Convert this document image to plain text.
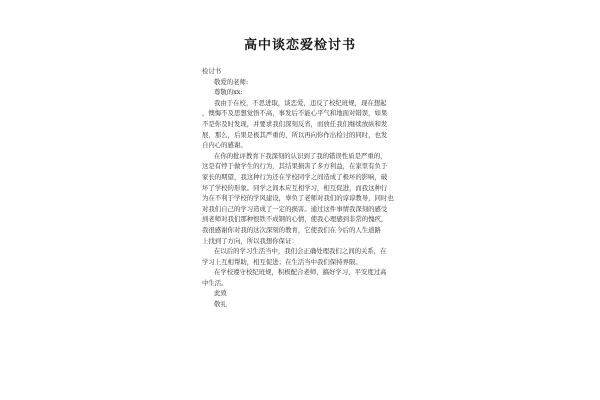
高中谈恋爱检讨书
检讨书
敬爱的老师:
尊敬的xx:
我由于在校，不思进取，谈恋爱，违反了校纪班规，现在想起
，懊悔不及思想觉悟不高，事发后不能心平气和地面对错误，如果
不是你及时发现，并要求我们深刻反省，而放任我们继续放纵和发
展，那么，后果是极其严重的，所以再向你作出检讨的同时，也发
自内心的感谢。
在你的批评教育下我深刻的认识到了我的错误性质是严重的，
这是有悖于做学生的行为，其结果损害了多方利益，在家里有负于
家长的期望，我这种行为还在学校同学之间造成了极坏的影响，破
坏了学校的形象。同学之间本应互相学习，相互促进，而我这种行
为在不利于学校的学风建设，辜负了老师对我们的谆谆教导，同时也
对我们自己的学习造成了一定的损害。通过这件事情我深刻的感受
到老师对我们那种恨铁不成钢的心情，使我心理感到非常的愧疚，
我很感谢你对我的这次深刻的教育，它使我们在今后的人生道路
上找到了方向，所以我想你保证：
在以后的学习生活当中，我们会正确处理我们之间的关系，在
学习上互相帮助，相互促进；在生活当中我们保持界限。
在学校遵守校纪班规，积极配合老师，搞好学习，平安度过高
中生活。
此致
敬礼
